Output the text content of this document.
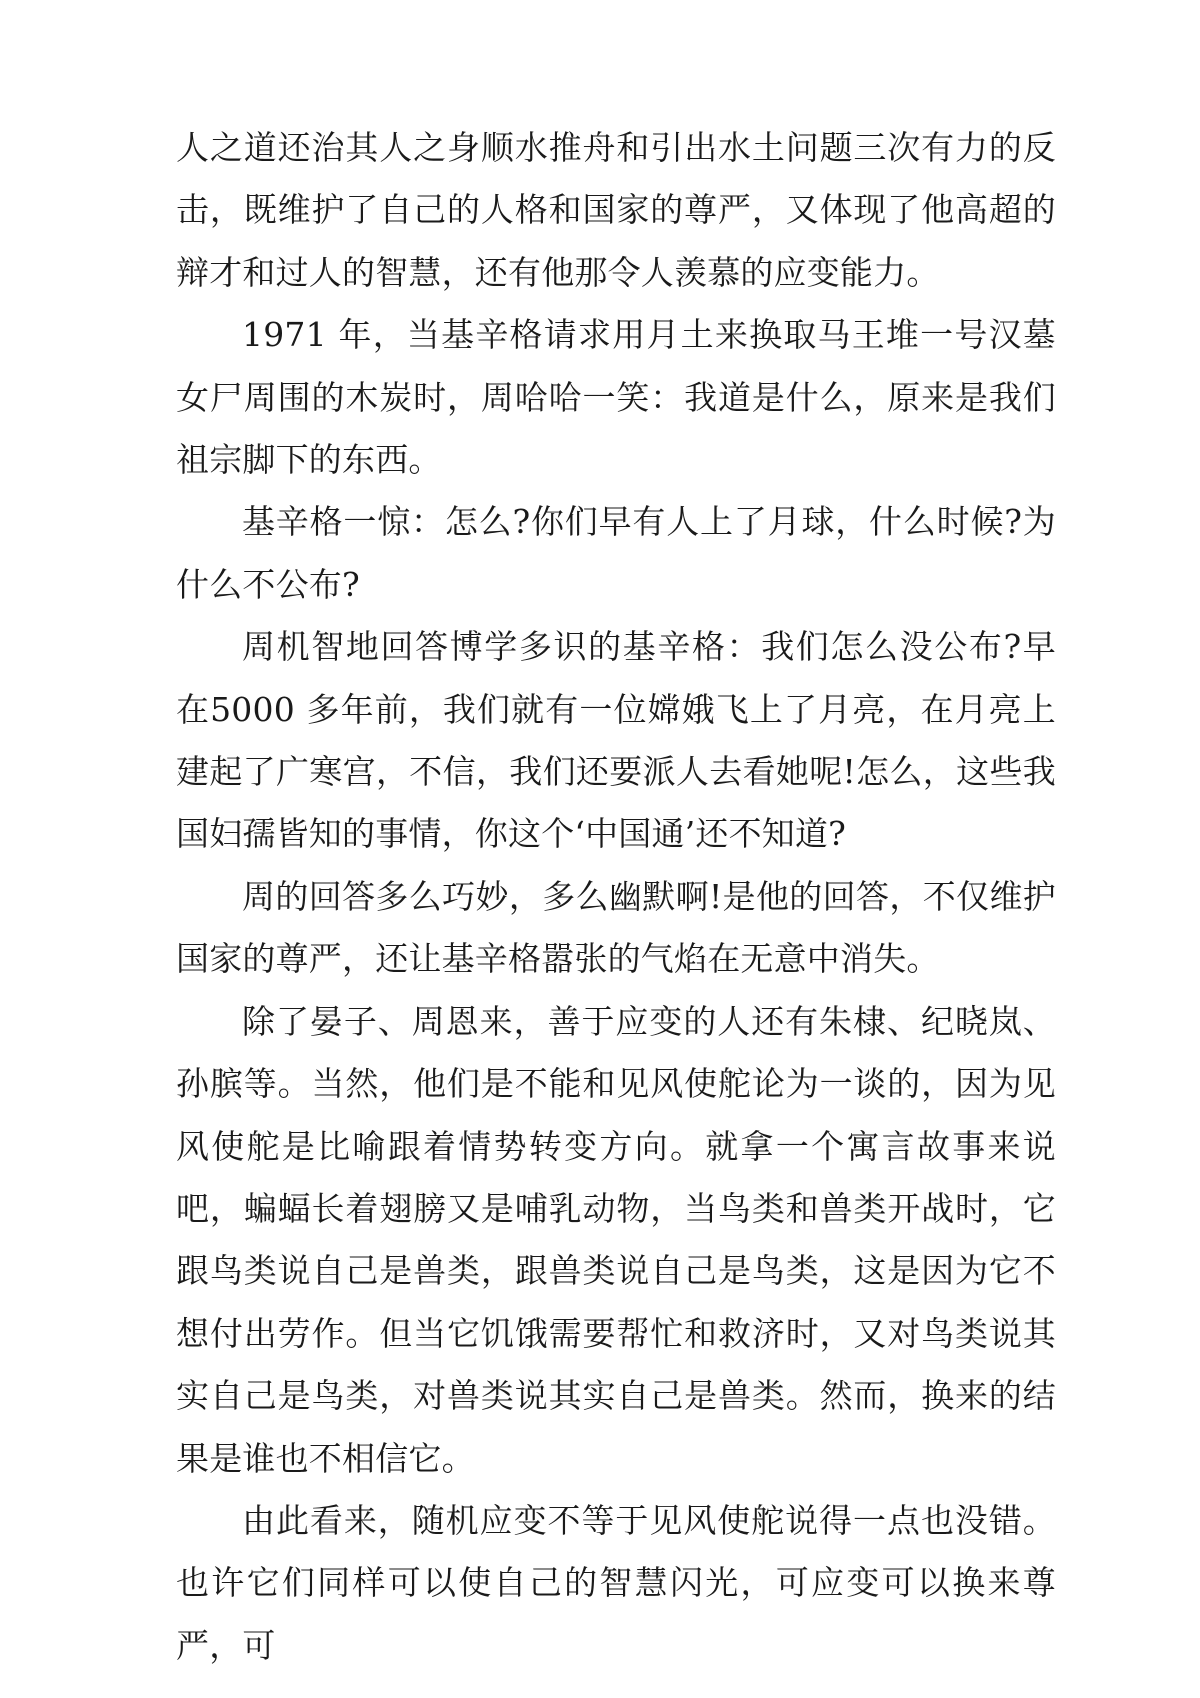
人之道还治其人之身顺水推舟和引出水土问题三次有力的反击，既维护了自己的人格和国家的尊严，又体现了他高超的辩才和过人的智慧，还有他那令人羡慕的应变能力。

1971 年，当基辛格请求用月土来换取马王堆一号汉墓女尸周围的木炭时，周哈哈一笑：我道是什么，原来是我们祖宗脚下的东西。

基辛格一惊：怎么?你们早有人上了月球，什么时候?为什么不公布?

周机智地回答博学多识的基辛格：我们怎么没公布?早在5000 多年前，我们就有一位嫦娥飞上了月亮，在月亮上建起了广寒宫，不信，我们还要派人去看她呢!怎么，这些我国妇孺皆知的事情，你这个‘中国通’还不知道?

周的回答多么巧妙，多么幽默啊!是他的回答，不仅维护国家的尊严，还让基辛格嚣张的气焰在无意中消失。

除了晏子、周恩来，善于应变的人还有朱棣、纪晓岚、孙膑等。当然，他们是不能和见风使舵论为一谈的，因为见风使舵是比喻跟着情势转变方向。就拿一个寓言故事来说吧，蝙蝠长着翅膀又是哺乳动物，当鸟类和兽类开战时，它跟鸟类说自己是兽类，跟兽类说自己是鸟类，这是因为它不想付出劳作。但当它饥饿需要帮忙和救济时，又对鸟类说其实自己是鸟类，对兽类说其实自己是兽类。然而，换来的结果是谁也不相信它。

由此看来，随机应变不等于见风使舵说得一点也没错。也许它们同样可以使自己的智慧闪光，可应变可以换来尊严，可
